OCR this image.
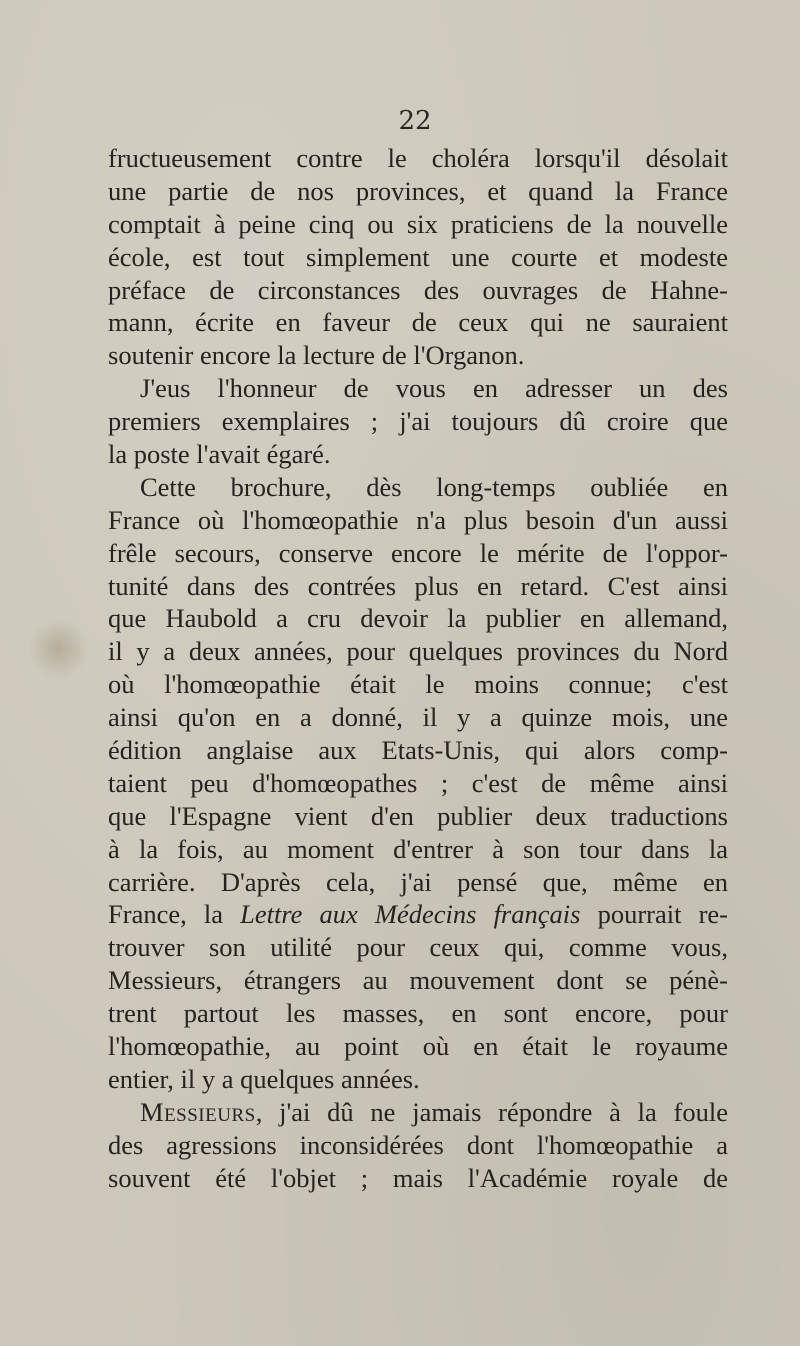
22
fructueusement contre le choléra lorsqu'il désolait
une partie de nos provinces, et quand la France
comptait à peine cinq ou six praticiens de la nouvelle
école, est tout simplement une courte et modeste
préface de circonstances des ouvrages de Hahne-
mann, écrite en faveur de ceux qui ne sauraient
soutenir encore la lecture de l'Organon.
J'eus l'honneur de vous en adresser un des
premiers exemplaires ; j'ai toujours dû croire que
la poste l'avait égaré.
Cette brochure, dès long-temps oubliée en
France où l'homœopathie n'a plus besoin d'un aussi
frêle secours, conserve encore le mérite de l'oppor-
tunité dans des contrées plus en retard. C'est ainsi
que Haubold a cru devoir la publier en allemand,
il y a deux années, pour quelques provinces du Nord
où l'homœopathie était le moins connue; c'est
ainsi qu'on en a donné, il y a quinze mois, une
édition anglaise aux Etats-Unis, qui alors comp-
taient peu d'homœopathes ; c'est de même ainsi
que l'Espagne vient d'en publier deux traductions
à la fois, au moment d'entrer à son tour dans la
carrière. D'après cela, j'ai pensé que, même en
France, la Lettre aux Médecins français pourrait re-
trouver son utilité pour ceux qui, comme vous,
Messieurs, étrangers au mouvement dont se pénè-
trent partout les masses, en sont encore, pour
l'homœopathie, au point où en était le royaume
entier, il y a quelques années.
Messieurs, j'ai dû ne jamais répondre à la foule
des agressions inconsidérées dont l'homœopathie a
souvent été l'objet ; mais l'Académie royale de
